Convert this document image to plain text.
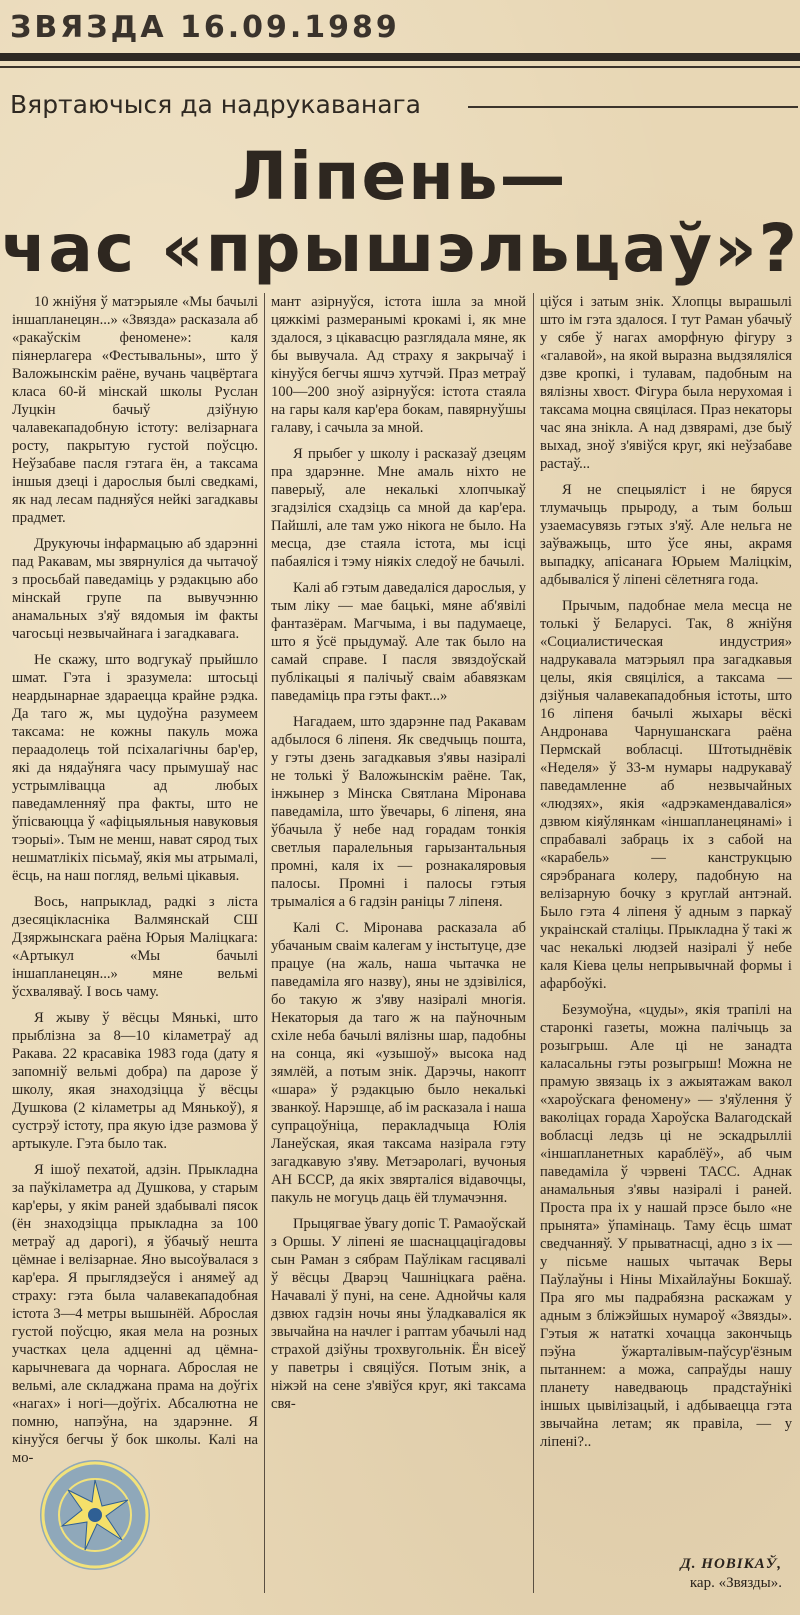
ЗВЯЗДА 16.09.1989
Вяртаючыся да надрукаванага
Ліпень—
час «прышэльцаў»?

10 жніўня ў матэрыяле «Мы бачылі іншапланецян...» «Звязда» расказала аб «ракаўскім феномене»: каля піянерлагера «Фестывальны», што ў Валожынскім раёне, вучань чацвёртага класа 60-й мінскай школы Руслан Луцкін бачыў дзіўную чалавекападобную істоту: велізарнага росту, пакрытую густой поўсцю. Неўзабаве пасля гэтага ён, а таксама іншыя дзеці і дарослыя былі сведкамі, як над лесам падняўся нейкі загадкавы прадмет.

Друкуючы інфармацыю аб здарэнні пад Ракавам, мы звярнуліся да чытачоў з просьбай паведаміць у рэдакцыю або мінскай групе па вывучэнню анамальных з'яў вядомыя ім факты чагосьці незвычайнага і загадкавага.

Не скажу, што водгукаў прыйшло шмат. Гэта і зразумела: штосьці неардынарнае здараецца крайне рэдка. Да таго ж, мы цудоўна разумеем таксама: не кожны пакуль можа пераадолець той псіхалагічны бар'ер, які да нядаўняга часу прымушаў нас устрымлівацца ад любых паведамленняў пра факты, што не ўпісваюцца ў «афіцыяльныя навуковыя тэорыі». Тым не менш, нават сярод тых нешматлікіх пісьмаў, якія мы атрымалі, ёсць, на наш погляд, вельмі цікавыя.

Вось, напрыклад, радкі з ліста дзесяцікласніка Валмянскай СШ Дзяржынскага раёна Юрыя Маліцкага: «Артыкул «Мы бачылі іншапланецян...» мяне вельмі ўсхваляваў. І вось чаму.

Я жыву ў вёсцы Мянькі, што прыблізна за 8—10 кіламетраў ад Ракава. 22 красавіка 1983 года (дату я запомніў вельмі добра) па дарозе ў школу, якая знаходзіцца ў вёсцы Душкова (2 кіламетры ад Мянькоў), я сустрэў істоту, пра якую ідзе размова ў артыкуле. Гэта было так.

Я ішоў пехатой, адзін. Прыкладна за паўкіламетра ад Душкова, у старым кар'еры, у якім раней здабывалі пясок (ён знаходзіцца прыкладна за 100 метраў ад дарогі), я ўбачыў нешта цёмнае і велізарнае. Яно высоўвалася з кар'ера. Я прыглядзеўся і анямеў ад страху: гэта была чалавекападобная істота 3—4 метры вышынёй. Аброслая густой поўсцю, якая мела на розных участках цела адценні ад цёмна-карычневага да чорнага. Аброслая не вельмі, але складжана прама на доўгіх «нагах» і ногі—доўгіх. Абсалютна не помню, напэўна, на здарэнне. Я кінуўся бегчы ў бок школы. Калі на мо-

мант азірнуўся, істота ішла за мной цяжкімі размеранымі крокамі і, як мне здалося, з цікавасцю разглядала мяне, як бы вывучала. Ад страху я закрычаў і кінуўся бегчы яшчэ хутчэй. Праз метраў 100—200 зноў азірнуўся: істота стаяла на гары каля кар'ера бокам, павярнуўшы галаву, і сачыла за мной.

Я прыбег у школу і расказаў дзецям пра здарэнне. Мне амаль ніхто не паверыў, але некалькі хлопчыкаў згадзіліся схадзіць са мной да кар'ера. Пайшлі, але там ужо нікога не было. На месца, дзе стаяла істота, мы ісці пабаяліся і тэму ніякіх следоў не бачылі.

Калі аб гэтым даведаліся дарослыя, у тым ліку — мае бацькі, мяне аб'явілі фантазёрам. Магчыма, і вы падумаеце, што я ўсё прыдумаў. Але так было на самай справе. І пасля звяздоўскай публікацыі я палічыў сваім абавязкам паведаміць пра гэты факт...»

Нагадаем, што здарэнне пад Ракавам адбылося 6 ліпеня. Як сведчыць пошта, у гэты дзень загадкавыя з'явы назіралі не толькі ў Валожынскім раёне. Так, інжынер з Мінска Святлана Міронава паведаміла, што ўвечары, 6 ліпеня, яна ўбачыла ў небе над горадам тонкія светлыя паралельныя гарызантальныя промні, каля іх — рознакаляровыя палосы. Промні і палосы гэтыя трымаліся а 6 гадзін раніцы 7 ліпеня.

Калі С. Міронава расказала аб убачаным сваім калегам у інстытуце, дзе працуе (на жаль, наша чытачка не паведаміла яго назву), яны не здзівіліся, бо такую ж з'яву назіралі многія. Некаторыя да таго ж на паўночным схіле неба бачылі вялізны шар, падобны на сонца, які «узышоў» высока над зямлёй, а потым знік. Дарэчы, накопт «шара» ў рэдакцыю было некалькі званкоў. Нарэшце, аб ім расказала і наша супрацоўніца, перакладчыца Юлія Ланеўская, якая таксама назірала гэту загадкавую з'яву. Метэаролагі, вучоныя АН БССР, да якіх звярталіся відавочцы, пакуль не могуць даць ёй тлумачэння.

Прыцягвае ўвагу допіс Т. Рамаоўскай з Оршы. У ліпені яе шаснаццацігадовы сын Раман з сябрам Паўлікам гасцявалі ў вёсцы Дварэц Чашніцкага раёна. Начавалі ў пуні, на сене. Аднойчы каля дзвюх гадзін ночы яны ўладкаваліся як звычайна на начлег і раптам убачылі над страхой дзіўны трохвугольнік. Ён вісеў у паветры і свяціўся. Потым знік, а ніжэй на сене з'явіўся круг, які таксама свя-

ціўся і затым знік. Хлопцы вырашылі што ім гэта здалося. І тут Раман убачыў у сябе ў нагах аморфную фігуру з «галавой», на якой выразна выдзяляліся дзве кропкі, і тулавам, падобным на вялізны хвост. Фігура была нерухомая і таксама моцна свяцілася. Праз некаторы час яна знікла. А над дзвярамі, дзе быў выхад, зноў з'явіўся круг, які неўзабаве растаў...

Я не спецыяліст і не бяруся тлумачыць прыроду, а тым больш узаемасувязь гэтых з'яў. Але нельга не заўважыць, што ўсе яны, акрамя выпадку, апісанага Юрыем Маліцкім, адбываліся ў ліпені сёлетняга года.

Прычым, падобнае мела месца не толькі ў Беларусі. Так, 8 жніўня «Социалистическая индустрия» надрукавала матэрыял пра загадкавыя целы, якія свяціліся, а таксама — дзіўныя чалавекападобныя істоты, што 16 ліпеня бачылі жыхары вёскі Андронава Чарнушанскага раёна Пермскай вобласці. Штотыднёвік «Неделя» ў 33-м нумары надрукаваў паведамленне аб незвычайных «людзях», якія «адрэкамендаваліся» дзвюм кіяўлянкам «іншапланецянамі» і спрабавалі забраць іх з сабой на «карабель» — канструкцыю сярэбранага колеру, падобную на велізарную бочку з круглай антэнай. Было гэта 4 ліпеня ў адным з паркаў украінскай сталіцы. Прыкладна ў такі ж час некалькі людзей назіралі ў небе каля Кіева целы непрывычнай формы і афарбоўкі.

Безумоўна, «цуды», якія трапілі на старонкі газеты, можна палічыць за розыгрыш. Але ці не занадта каласальны гэты розыгрыш! Можна не прамую звязаць іх з ажыятажам вакол «хароўскага феномену» — з'яўлення ў ваколіцах горада Хароўска Валагодскай вобласці ледзь ці не эскадрылліі «іншапланетных караблёў», аб чым паведаміла ў чэрвені ТАСС. Аднак анамальныя з'явы назіралі і раней. Проста пра іх у нашай прэсе было «не прынята» ўпамінаць. Таму ёсць шмат сведчанняў. У прыватнасці, адно з іх — у пісьме нашых чытачак Веры Паўлаўны і Ніны Міхайлаўны Бокшаў. Пра яго мы падрабязна раскажам у адным з бліжэйшых нумароў «Звязды». Гэтыя ж нататкі хочацца закончыць пэўна ўжарталівым-паўсур'ёзным пытаннем: а можа, сапраўды нашу планету наведваюць прадстаўнікі іншых цывілізацый, і адбываецца гэта звычайна летам; як правіла, — у ліпені?..

Д. НОВІКАЎ,
кар. «Звязды».
